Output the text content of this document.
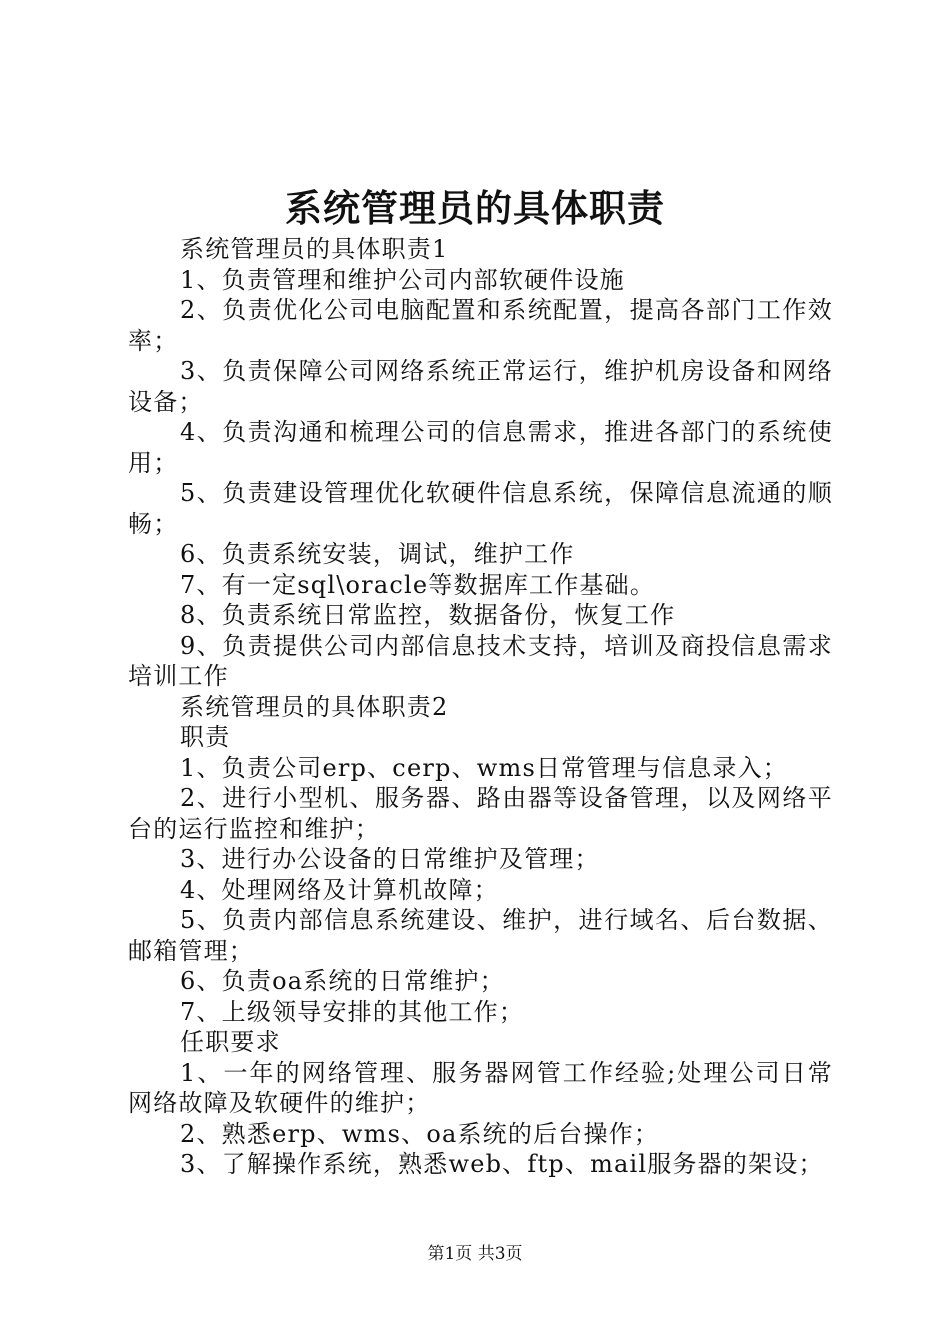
系统管理员的具体职责

系统管理员的具体职责1

1、负责管理和维护公司内部软硬件设施

2、负责优化公司电脑配置和系统配置，提高各部门工作效率；

3、负责保障公司网络系统正常运行，维护机房设备和网络设备；

4、负责沟通和梳理公司的信息需求，推进各部门的系统使用；

5、负责建设管理优化软硬件信息系统，保障信息流通的顺畅；

6、负责系统安装，调试，维护工作

7、有一定sql\oracle等数据库工作基础。

8、负责系统日常监控，数据备份，恢复工作

9、负责提供公司内部信息技术支持，培训及商投信息需求培训工作

系统管理员的具体职责2

职责

1、负责公司erp、cerp、wms日常管理与信息录入；

2、进行小型机、服务器、路由器等设备管理，以及网络平台的运行监控和维护；

3、进行办公设备的日常维护及管理；

4、处理网络及计算机故障；

5、负责内部信息系统建设、维护，进行域名、后台数据、邮箱管理；

6、负责oa系统的日常维护；

7、上级领导安排的其他工作；

任职要求

1、一年的网络管理、服务器网管工作经验;处理公司日常网络故障及软硬件的维护；

2、熟悉erp、wms、oa系统的后台操作；

3、了解操作系统，熟悉web、ftp、mail服务器的架设；

第1页 共3页
